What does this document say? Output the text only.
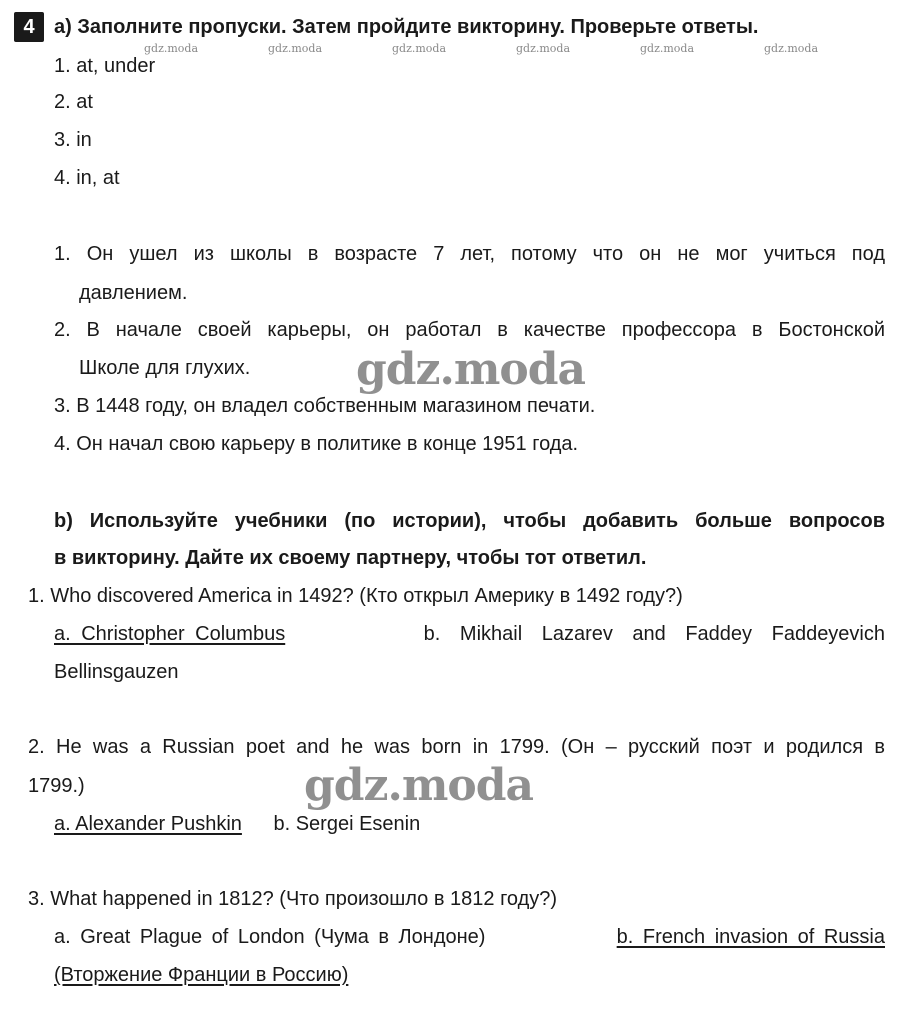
4 a) Заполните пропуски. Затем пройдите викторину. Проверьте ответы.
gdz.moda	gdz.moda	gdz.moda	gdz.moda	gdz.moda	gdz.moda
1. at, under
2. at
3. in
4. in, at
1. Он ушел из школы в возрасте 7 лет, потому что он не мог учиться под
давлением.
2. В начале своей карьеры, он работал в качестве профессора в Бостонской
Школе для глухих.
3. В 1448 году, он владел собственным магазином печати.
4. Он начал свою карьеру в политике в конце 1951 года.
gdz.moda
b) Используйте учебники (по истории), чтобы добавить больше вопросов
в викторину. Дайте их своему партнеру, чтобы тот ответил.
1. Who discovered America in 1492? (Кто открыл Америку в 1492 году?)
a. Christopher Columbus	b. Mikhail Lazarev and Faddey Faddeyevich
Bellinsgauzen
2. He was a Russian poet and he was born in 1799. (Он – русский поэт и родился в
1799.)	gdz.moda
a. Alexander Pushkin b. Sergei Esenin
3. What happened in 1812? (Что произошло в 1812 году?)
a. Great Plague of London (Чума в Лондоне)	b. French invasion of Russia
(Вторжение Франции в Россию)
